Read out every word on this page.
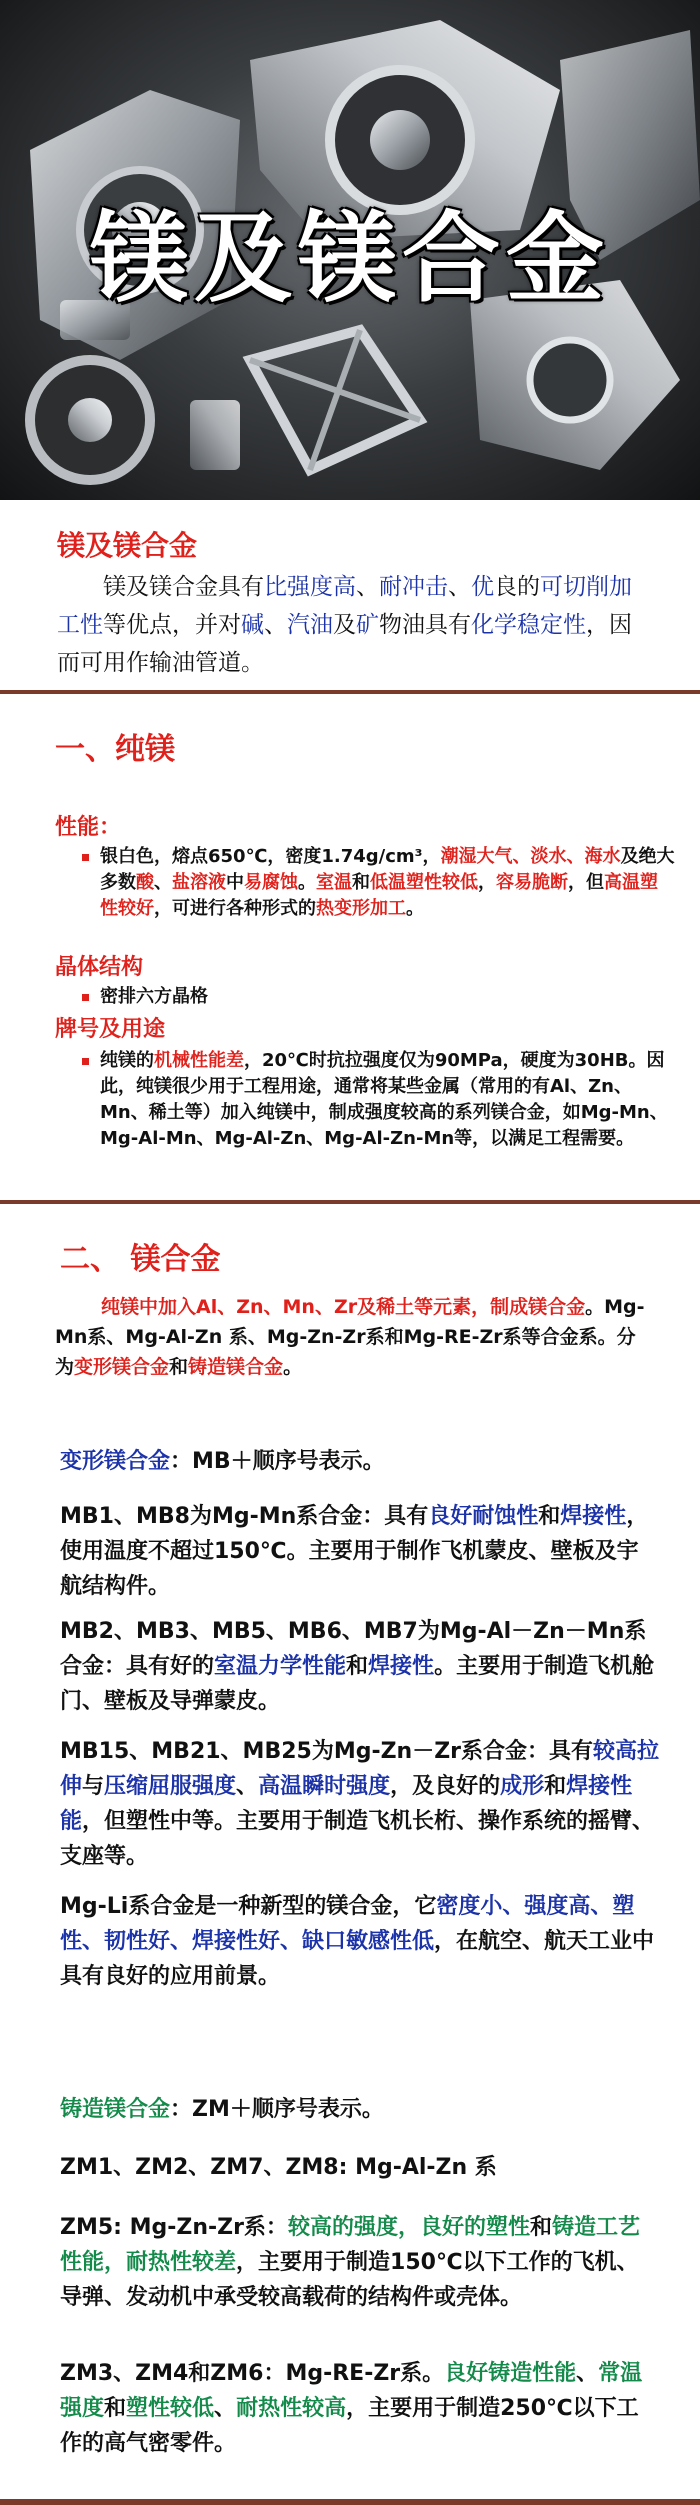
镁及镁合金
镁及镁合金
镁及镁合金具有比强度高、耐冲击、优良的可切削加工性等优点，并对碱、汽油及矿物油具有化学稳定性，因而可用作输油管道。
一、纯镁
性能：
银白色，熔点650℃，密度1.74g/cm³，潮湿大气、淡水、海水及绝大多数酸、盐溶液中易腐蚀。室温和低温塑性较低，容易脆断，但高温塑性较好，可进行各种形式的热变形加工。
晶体结构
密排六方晶格
牌号及用途
纯镁的机械性能差，20℃时抗拉强度仅为90MPa，硬度为30HB。因此，纯镁很少用于工程用途，通常将某些金属（常用的有Al、Zn、Mn、稀土等）加入纯镁中，制成强度较高的系列镁合金，如Mg-Mn、Mg-Al-Mn、Mg-Al-Zn、Mg-Al-Zn-Mn等，以满足工程需要。
二、 镁合金
纯镁中加入Al、Zn、Mn、Zr及稀土等元素，制成镁合金。Mg-Mn系、Mg-Al-Zn 系、Mg-Zn-Zr系和Mg-RE-Zr系等合金系。分为变形镁合金和铸造镁合金。
变形镁合金：MB＋顺序号表示。
MB1、MB8为Mg-Mn系合金：具有良好耐蚀性和焊接性，使用温度不超过150℃。主要用于制作飞机蒙皮、壁板及宇航结构件。
MB2、MB3、MB5、MB6、MB7为Mg-Al－Zn－Mn系合金：具有好的室温力学性能和焊接性。主要用于制造飞机舱门、壁板及导弹蒙皮。
MB15、MB21、MB25为Mg-Zn－Zr系合金：具有较高拉伸与压缩屈服强度、高温瞬时强度，及良好的成形和焊接性能，但塑性中等。主要用于制造飞机长桁、操作系统的摇臂、支座等。
Mg-Li系合金是一种新型的镁合金，它密度小、强度高、塑性、韧性好、焊接性好、缺口敏感性低，在航空、航天工业中具有良好的应用前景。
铸造镁合金：ZM＋顺序号表示。
ZM1、ZM2、ZM7、ZM8: Mg-Al-Zn 系
ZM5: Mg-Zn-Zr系：较高的强度，良好的塑性和铸造工艺性能，耐热性较差，主要用于制造150℃以下工作的飞机、导弹、发动机中承受较高载荷的结构件或壳体。
ZM3、ZM4和ZM6：Mg-RE-Zr系。良好铸造性能、常温强度和塑性较低、耐热性较高，主要用于制造250℃以下工作的高气密零件。
